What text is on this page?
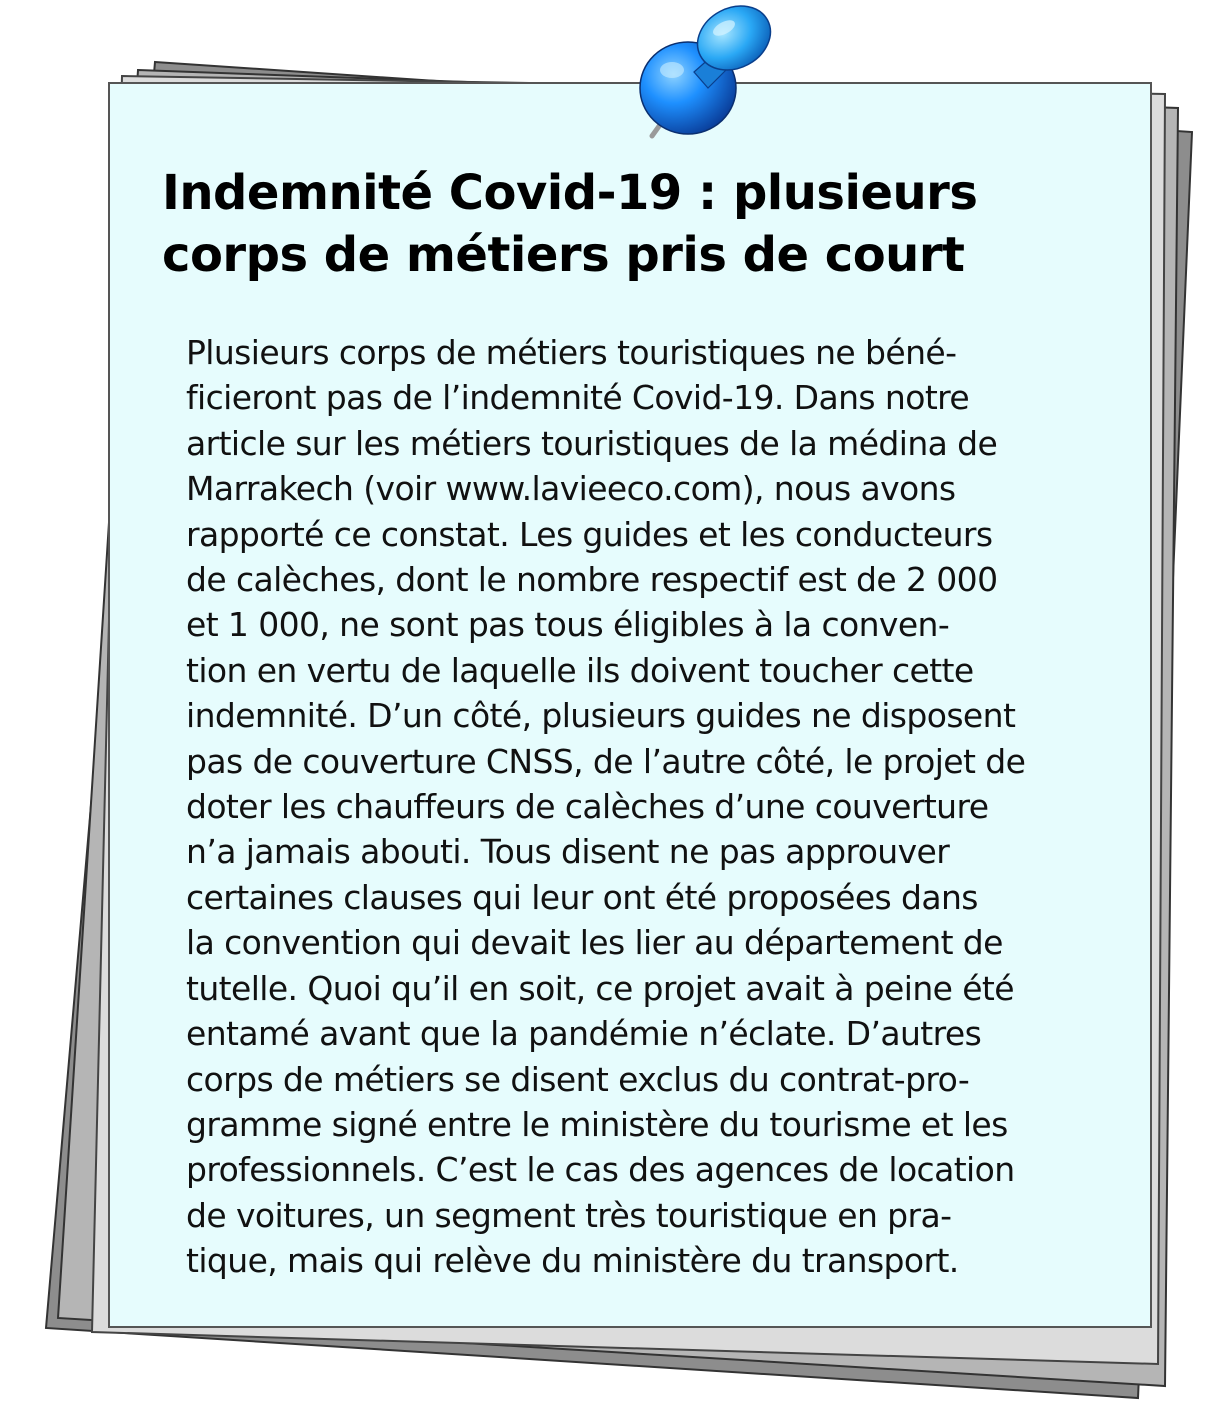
Indemnité Covid-19 : plusieurs
corps de métiers pris de court
Plusieurs corps de métiers touristiques ne béné-
ficieront pas de l’indemnité Covid-19. Dans notre
article sur les métiers touristiques de la médina de
Marrakech (voir www.lavieeco.com), nous avons
rapporté ce constat. Les guides et les conducteurs
de calèches, dont le nombre respectif est de 2 000
et 1 000, ne sont pas tous éligibles à la conven-
tion en vertu de laquelle ils doivent toucher cette
indemnité. D’un côté, plusieurs guides ne disposent
pas de couverture CNSS, de l’autre côté, le projet de
doter les chauffeurs de calèches d’une couverture
n’a jamais abouti. Tous disent ne pas approuver
certaines clauses qui leur ont été proposées dans
la convention qui devait les lier au département de
tutelle. Quoi qu’il en soit, ce projet avait à peine été
entamé avant que la pandémie n’éclate. D’autres
corps de métiers se disent exclus du contrat-pro-
gramme signé entre le ministère du tourisme et les
professionnels. C’est le cas des agences de location
de voitures, un segment très touristique en pra-
tique, mais qui relève du ministère du transport.
